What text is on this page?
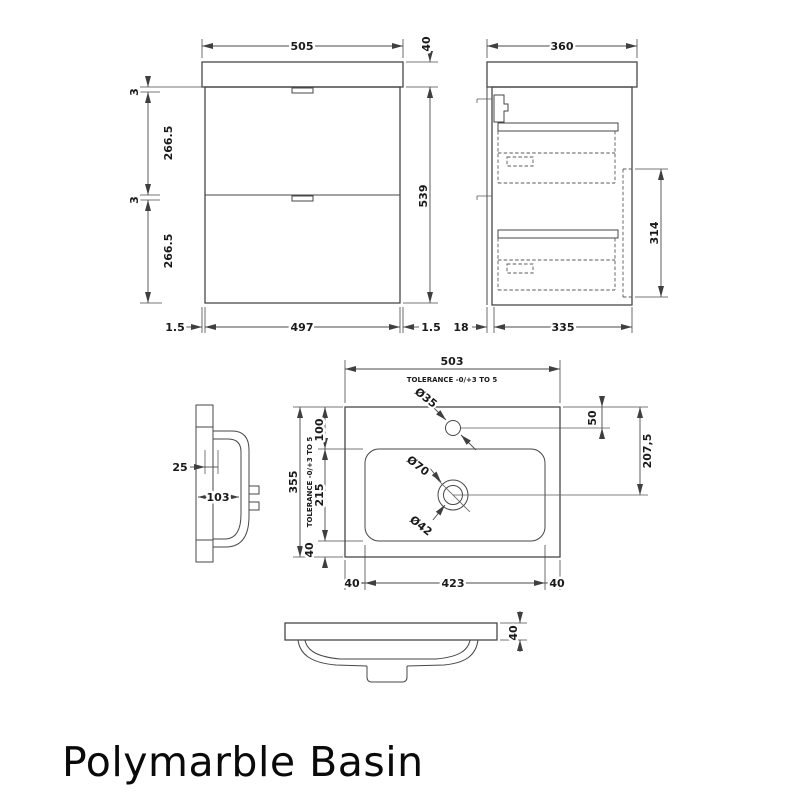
505	40
539
3
266.5
3
266.5
1.5	497	1.5
360
314
18	335
Ø35
Ø70
Ø42
503
TOLERANCE -0/+3 TO 5
355 TOLERANCE -0/+3 TO 5
100
215
40
50
207,5
40	423	40
25
103
40
Polymarble Basin
